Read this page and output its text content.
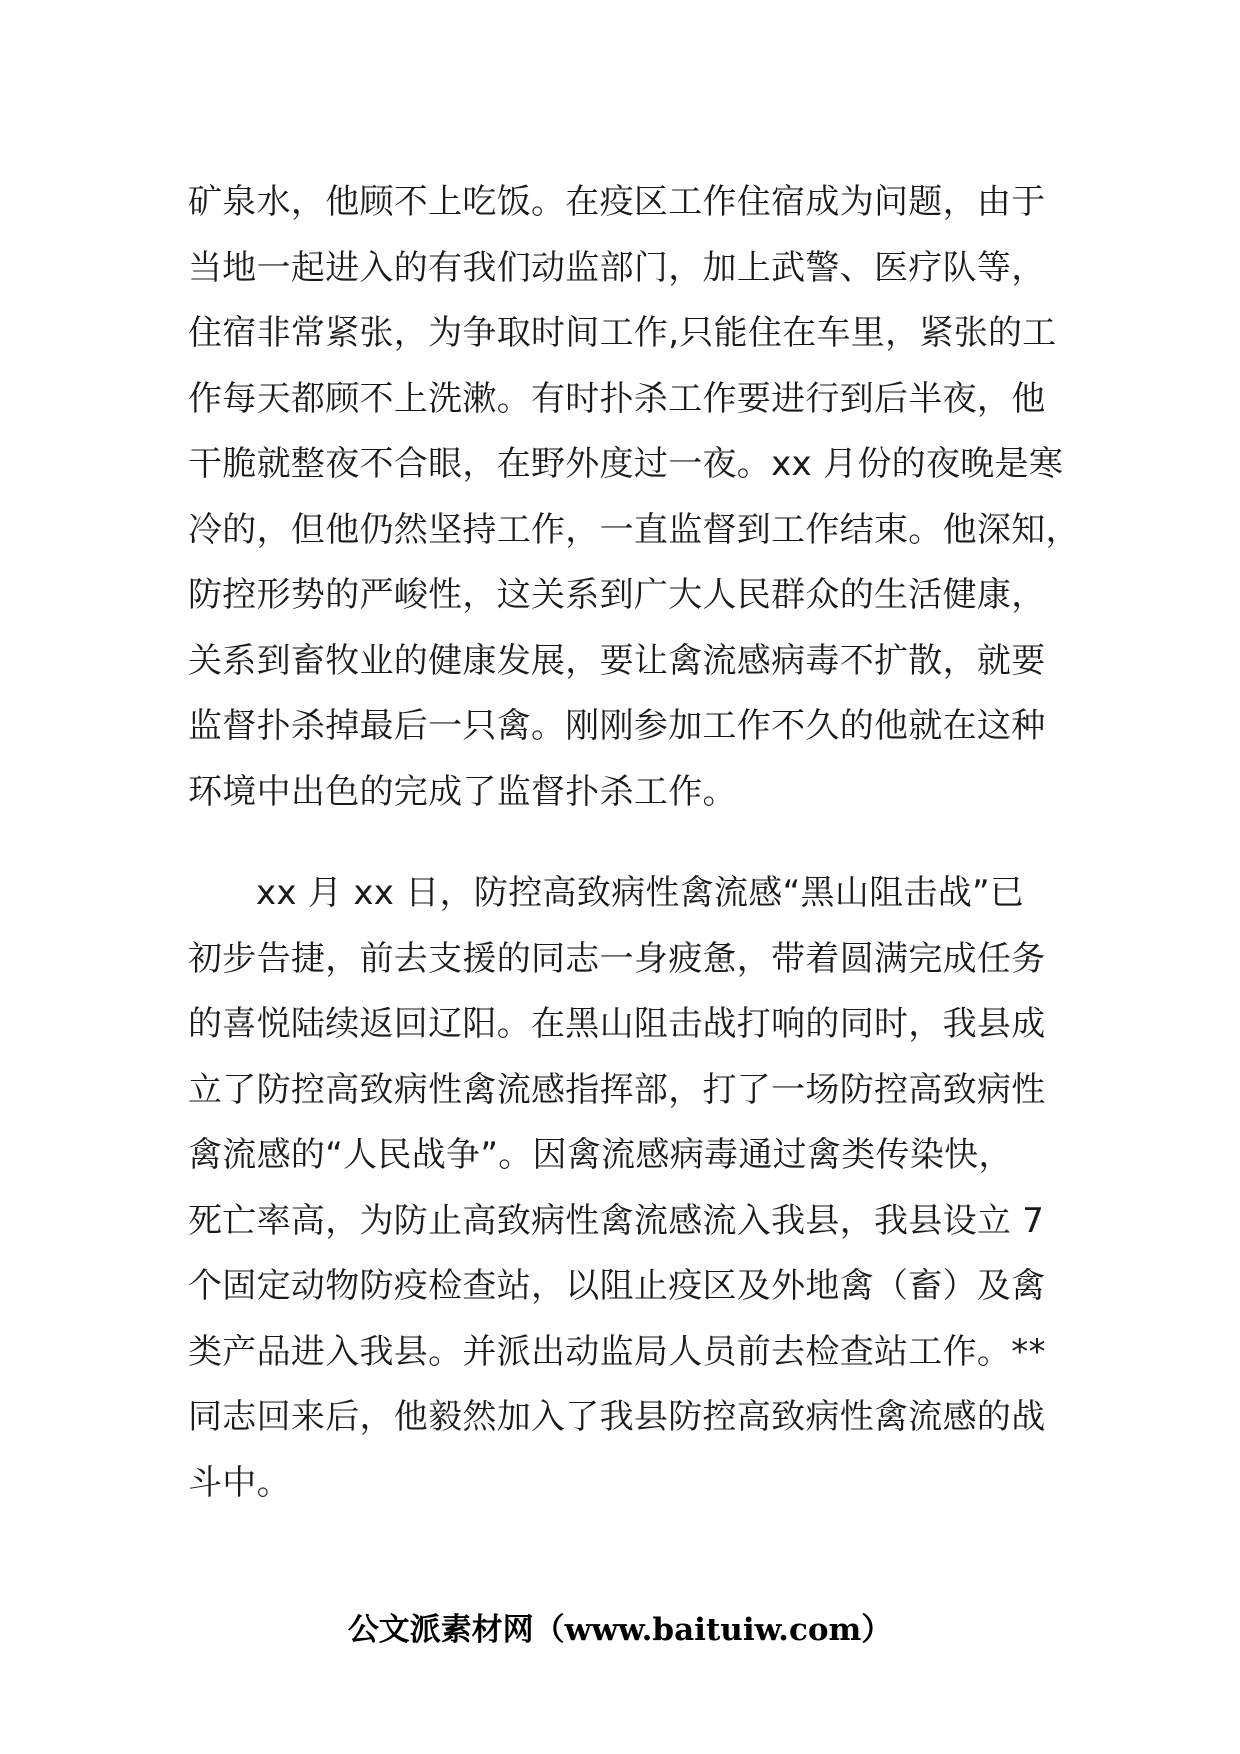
矿泉水，他顾不上吃饭。在疫区工作住宿成为问题，由于
当地一起进入的有我们动监部门，加上武警、医疗队等，
住宿非常紧张，为争取时间工作,只能住在车里，紧张的工
作每天都顾不上洗漱。有时扑杀工作要进行到后半夜，他
干脆就整夜不合眼，在野外度过一夜。xx 月份的夜晚是寒
冷的，但他仍然坚持工作，一直监督到工作结束。他深知，
防控形势的严峻性，这关系到广大人民群众的生活健康，
关系到畜牧业的健康发展，要让禽流感病毒不扩散，就要
监督扑杀掉最后一只禽。刚刚参加工作不久的他就在这种
环境中出色的完成了监督扑杀工作。
xx 月 xx 日，防控高致病性禽流感“黑山阻击战”已
初步告捷，前去支援的同志一身疲惫，带着圆满完成任务
的喜悦陆续返回辽阳。在黑山阻击战打响的同时，我县成
立了防控高致病性禽流感指挥部，打了一场防控高致病性
禽流感的“人民战争”。因禽流感病毒通过禽类传染快，
死亡率高，为防止高致病性禽流感流入我县，我县设立 7
个固定动物防疫检查站，以阻止疫区及外地禽（畜）及禽
类产品进入我县。并派出动监局人员前去检查站工作。**
同志回来后，他毅然加入了我县防控高致病性禽流感的战
斗中。
公文派素材网（www.baituiw.com）
